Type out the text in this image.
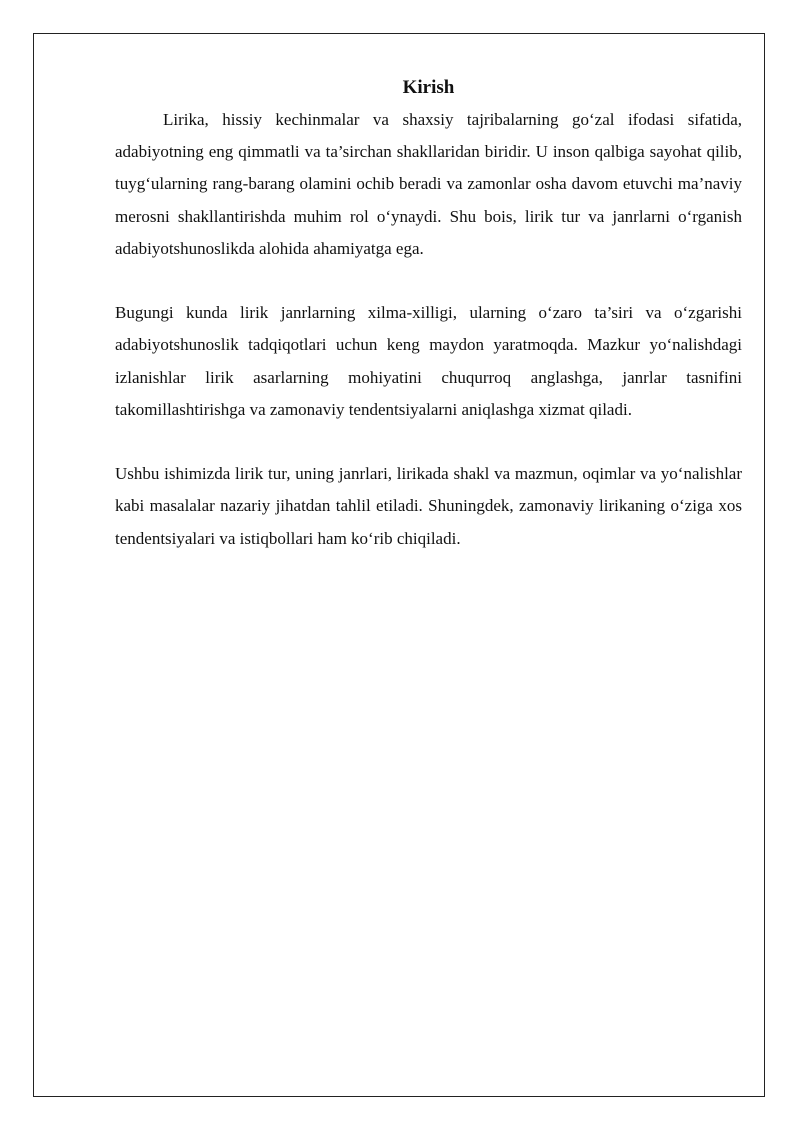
Kirish

Lirika, hissiy kechinmalar va shaxsiy tajribalarning go‘zal ifodasi sifatida, adabiyotning eng qimmatli va ta’sirchan shakllaridan biridir. U inson qalbiga sayohat qilib, tuyg‘ularning rang-barang olamini ochib beradi va zamonlar osha davom etuvchi ma’naviy merosni shakllantirishda muhim rol o‘ynaydi. Shu bois, lirik tur va janrlarni o‘rganish adabiyotshunoslikda alohida ahamiyatga ega.

Bugungi kunda lirik janrlarning xilma-xilligi, ularning o‘zaro ta’siri va o‘zgarishi adabiyotshunoslik tadqiqotlari uchun keng maydon yaratmoqda. Mazkur yo‘nalishdagi izlanishlar lirik asarlarning mohiyatini chuqurroq anglashga, janrlar tasnifini takomillashtirishga va zamonaviy tendentsiyalarni aniqlashga xizmat qiladi.

Ushbu ishimizda lirik tur, uning janrlari, lirikada shakl va mazmun, oqimlar va yo‘nalishlar kabi masalalar nazariy jihatdan tahlil etiladi. Shuningdek, zamonaviy lirikaning o‘ziga xos tendentsiyalari va istiqbollari ham ko‘rib chiqiladi.
